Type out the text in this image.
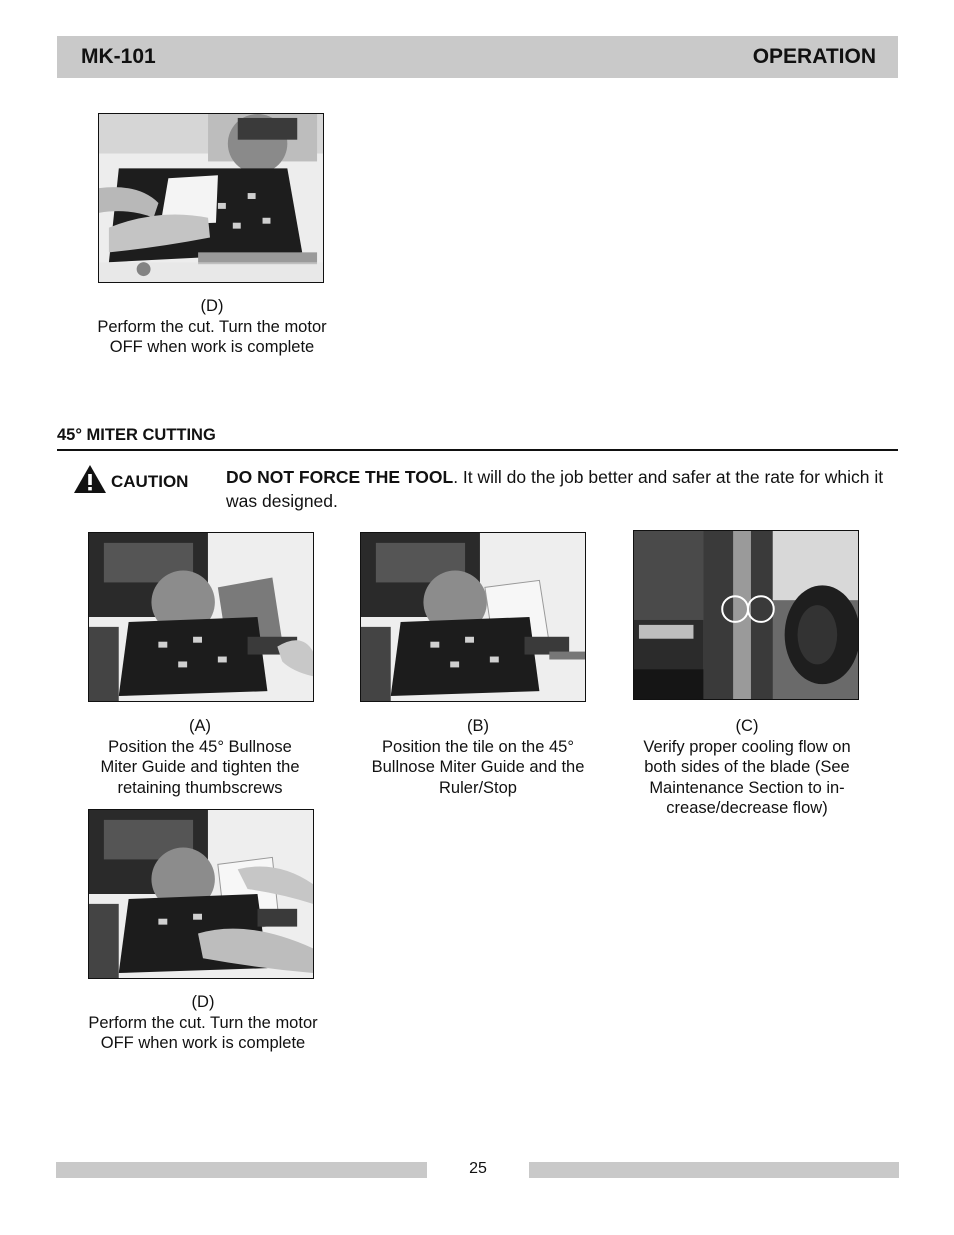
MK-101	OPERATION
(D)
Perform the cut. Turn the motor
OFF when work is complete
45° MITER CUTTING
CAUTION DO NOT FORCE THE TOOL. It will do the job better and safer at the rate for which it was designed.
(A)
Position the 45° Bullnose
Miter Guide and tighten the
retaining thumbscrews
(B)
Position the tile on the 45°
Bullnose Miter Guide and the
Ruler/Stop
(C)
Verify proper cooling flow on
both sides of the blade (See
Maintenance Section to in-
crease/decrease flow)
(D)
Perform the cut. Turn the motor
OFF when work is complete
25
